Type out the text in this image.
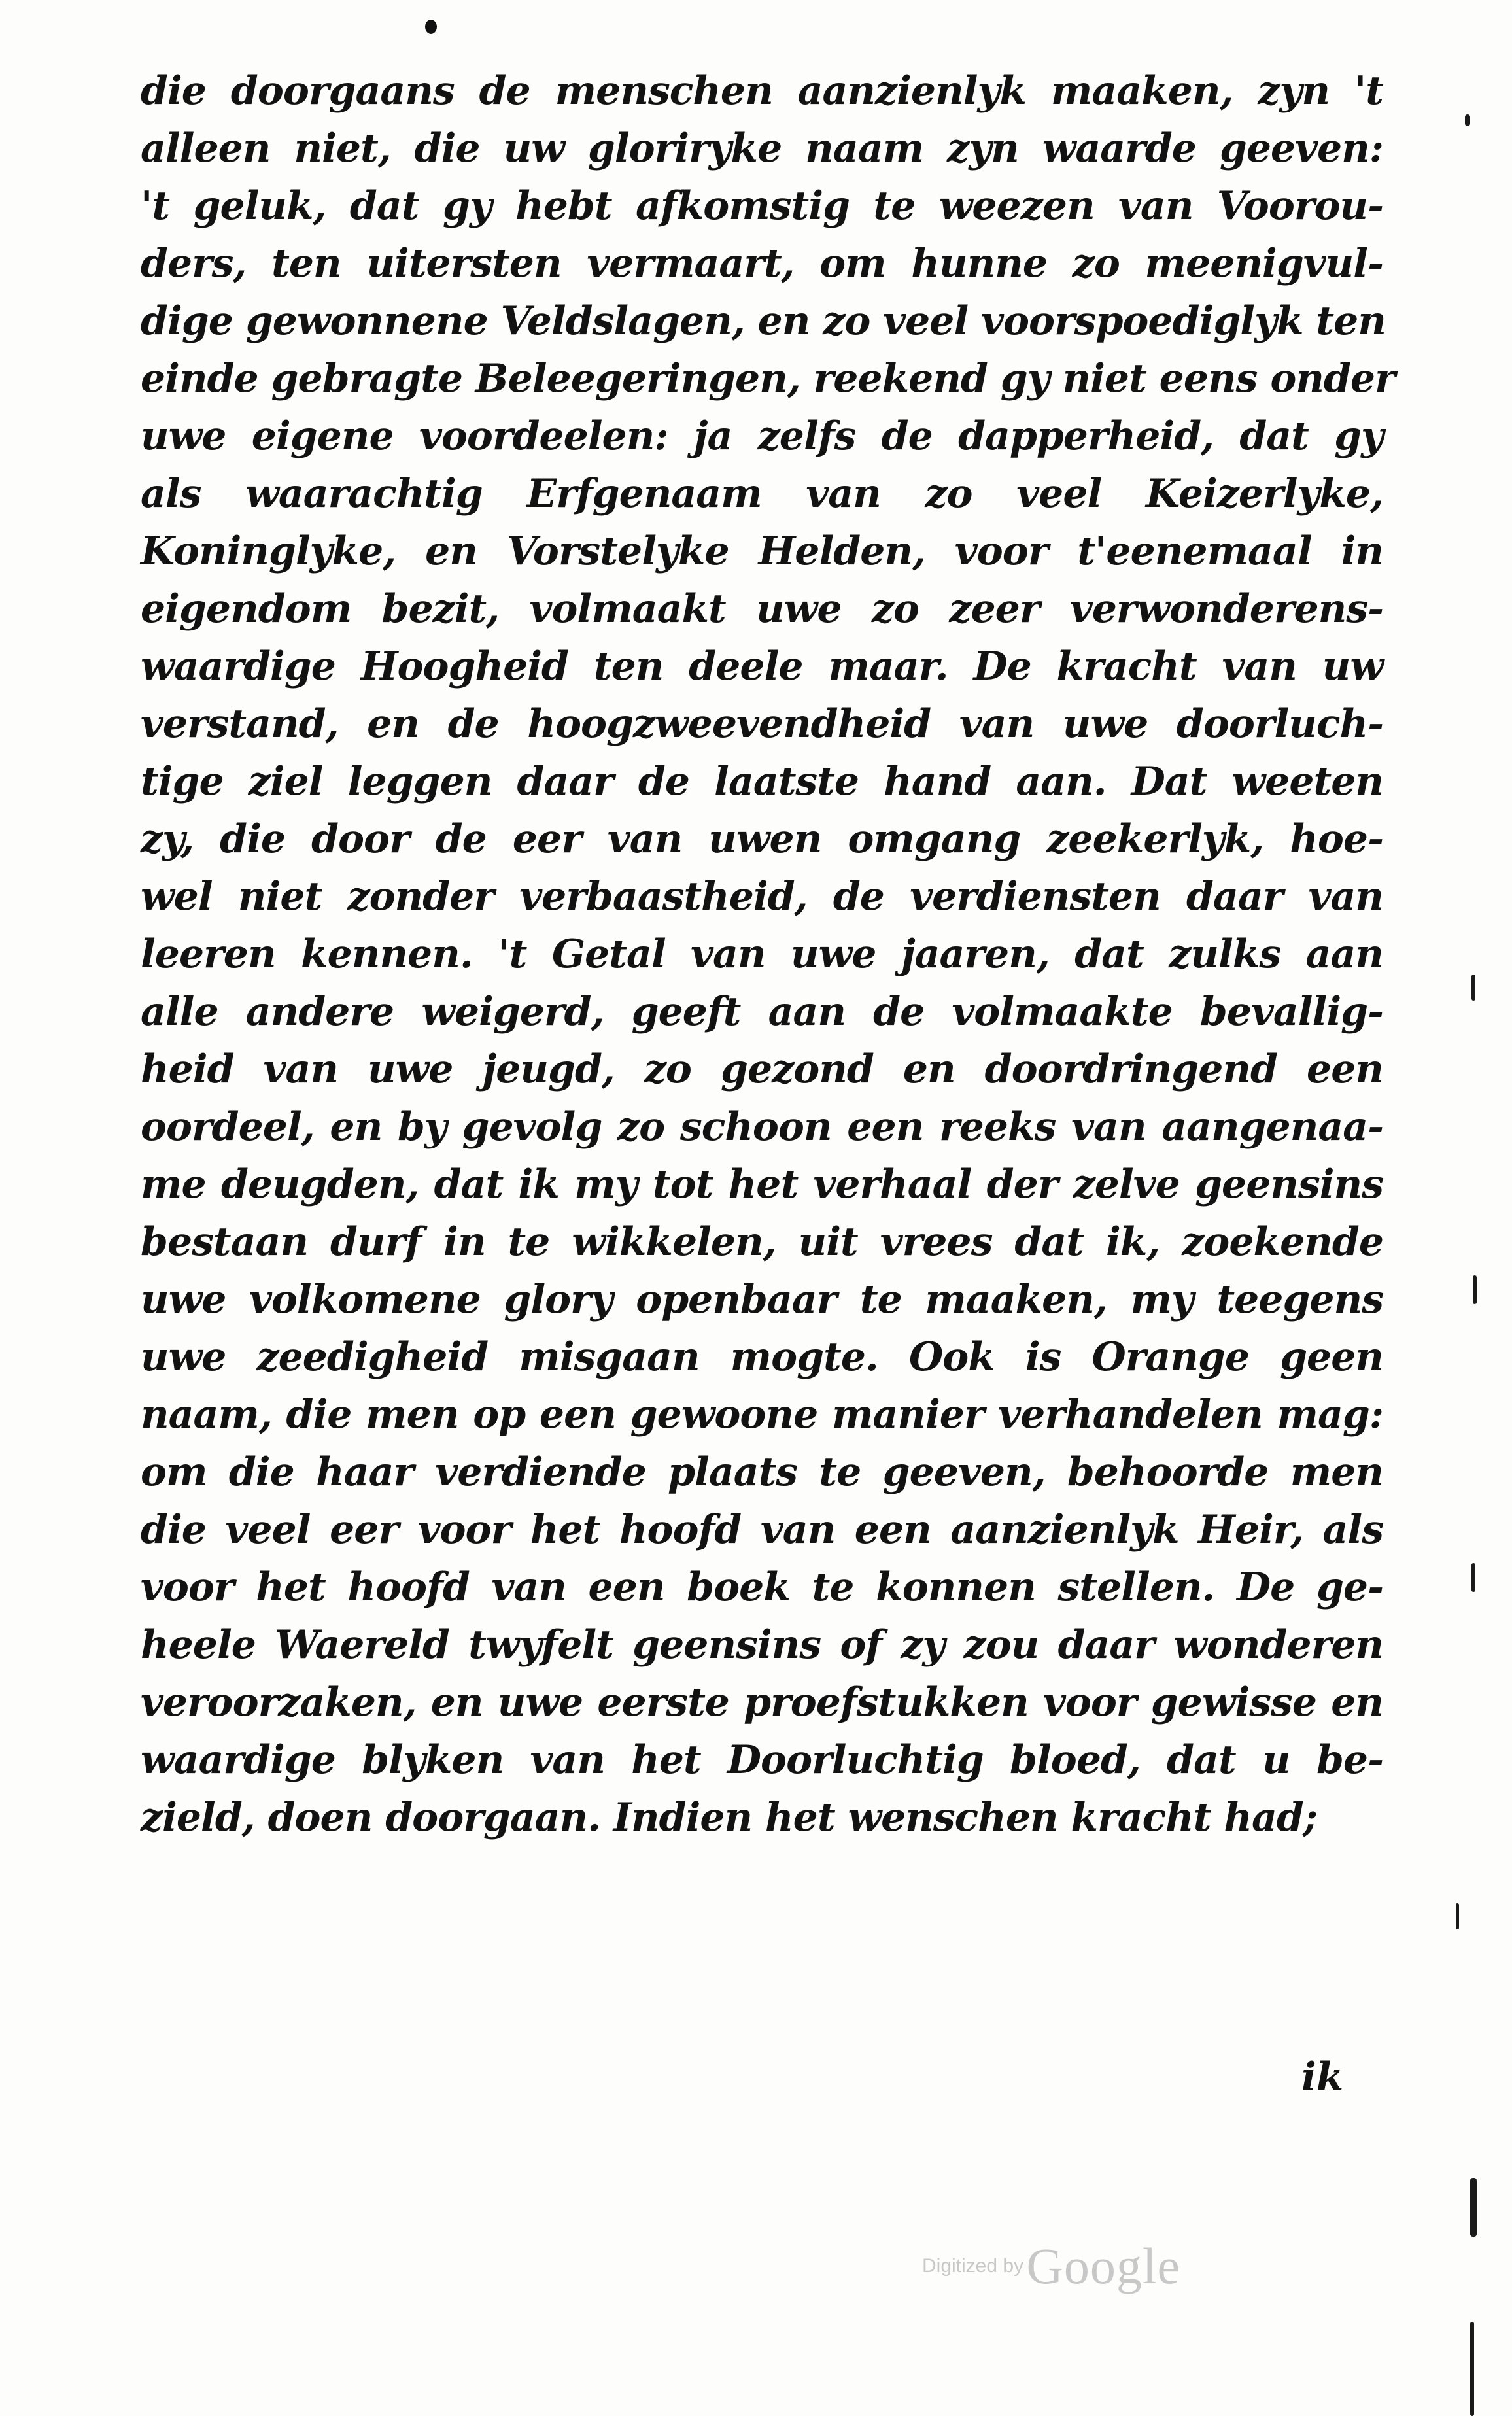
die doorgaans de menschen aanzienlyk maaken, zyn 't
alleen niet, die uw gloriryke naam zyn waarde geeven:
't geluk, dat gy hebt afkomstig te weezen van Voorou-
ders, ten uitersten vermaart, om hunne zo meenigvul-
dige gewonnene Veldslagen, en zo veel voorspoediglyk ten
einde gebragte Beleegeringen, reekend gy niet eens onder
uwe eigene voordeelen: ja zelfs de dapperheid, dat gy
als waarachtig Erfgenaam van zo veel Keizerlyke,
Koninglyke, en Vorstelyke Helden, voor t'eenemaal in
eigendom bezit, volmaakt uwe zo zeer verwonderens-
waardige Hoogheid ten deele maar. De kracht van uw
verstand, en de hoogzweevendheid van uwe doorluch-
tige ziel leggen daar de laatste hand aan. Dat weeten
zy, die door de eer van uwen omgang zeekerlyk, hoe-
wel niet zonder verbaastheid, de verdiensten daar van
leeren kennen. 't Getal van uwe jaaren, dat zulks aan
alle andere weigerd, geeft aan de volmaakte bevallig-
heid van uwe jeugd, zo gezond en doordringend een
oordeel, en by gevolg zo schoon een reeks van aangenaa-
me deugden, dat ik my tot het verhaal der zelve geensins
bestaan durf in te wikkelen, uit vrees dat ik, zoekende
uwe volkomene glory openbaar te maaken, my teegens
uwe zeedigheid misgaan mogte. Ook is Orange geen
naam, die men op een gewoone manier verhandelen mag:
om die haar verdiende plaats te geeven, behoorde men
die veel eer voor het hoofd van een aanzienlyk Heir, als
voor het hoofd van een boek te konnen stellen. De ge-
heele Waereld twyfelt geensins of zy zou daar wonderen
veroorzaken, en uwe eerste proefstukken voor gewisse en
waardige blyken van het Doorluchtig bloed, dat u be-
zield, doen doorgaan. Indien het wenschen kracht had;
ik
Digitized by Google
